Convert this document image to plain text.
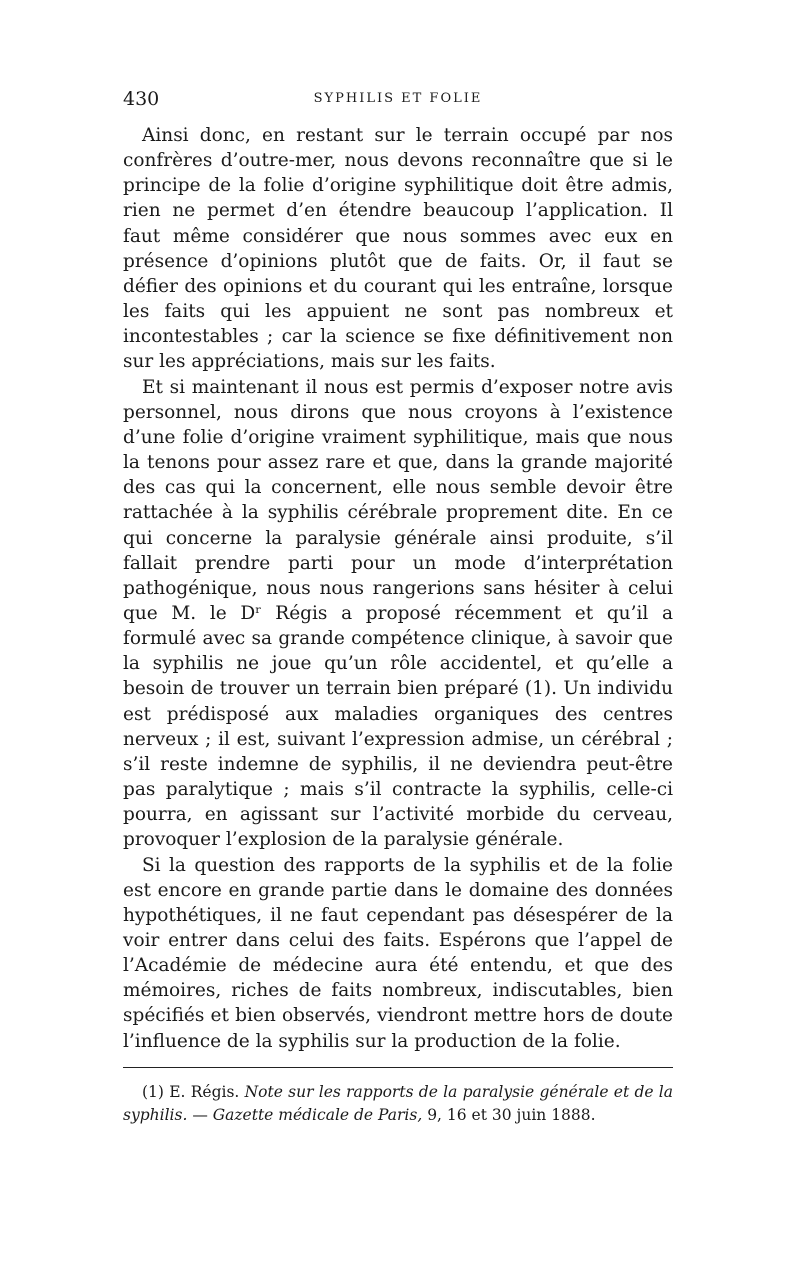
430	SYPHILIS ET FOLIE

Ainsi donc, en restant sur le terrain occupé par nos confrères d’outre-mer, nous devons reconnaître que si le principe de la folie d’origine syphilitique doit être admis, rien ne permet d’en étendre beaucoup l’application. Il faut même considérer que nous sommes avec eux en présence d’opinions plutôt que de faits. Or, il faut se défier des opinions et du courant qui les entraîne, lorsque les faits qui les appuient ne sont pas nombreux et incontestables ; car la science se fixe définitivement non sur les appréciations, mais sur les faits.

Et si maintenant il nous est permis d’exposer notre avis personnel, nous dirons que nous croyons à l’existence d’une folie d’origine vraiment syphilitique, mais que nous la tenons pour assez rare et que, dans la grande majorité des cas qui la concernent, elle nous semble devoir être rattachée à la syphilis cérébrale proprement dite. En ce qui concerne la paralysie générale ainsi produite, s’il fallait prendre parti pour un mode d’interprétation pathogénique, nous nous rangerions sans hésiter à celui que M. le Dʳ Régis a proposé récemment et qu’il a formulé avec sa grande compétence clinique, à savoir que la syphilis ne joue qu’un rôle accidentel, et qu’elle a besoin de trouver un terrain bien préparé (1). Un individu est prédisposé aux maladies organiques des centres nerveux ; il est, suivant l’expression admise, un cérébral ; s’il reste indemne de syphilis, il ne deviendra peut-être pas paralytique ; mais s’il contracte la syphilis, celle-ci pourra, en agissant sur l’activité morbide du cerveau, provoquer l’explosion de la paralysie générale.

Si la question des rapports de la syphilis et de la folie est encore en grande partie dans le domaine des données hypothétiques, il ne faut cependant pas désespérer de la voir entrer dans celui des faits. Espérons que l’appel de l’Académie de médecine aura été entendu, et que des mémoires, riches de faits nombreux, indiscutables, bien spécifiés et bien observés, viendront mettre hors de doute l’influence de la syphilis sur la production de la folie.

(1) E. Régis. Note sur les rapports de la paralysie générale et de la syphilis. — Gazette médicale de Paris, 9, 16 et 30 juin 1888.
